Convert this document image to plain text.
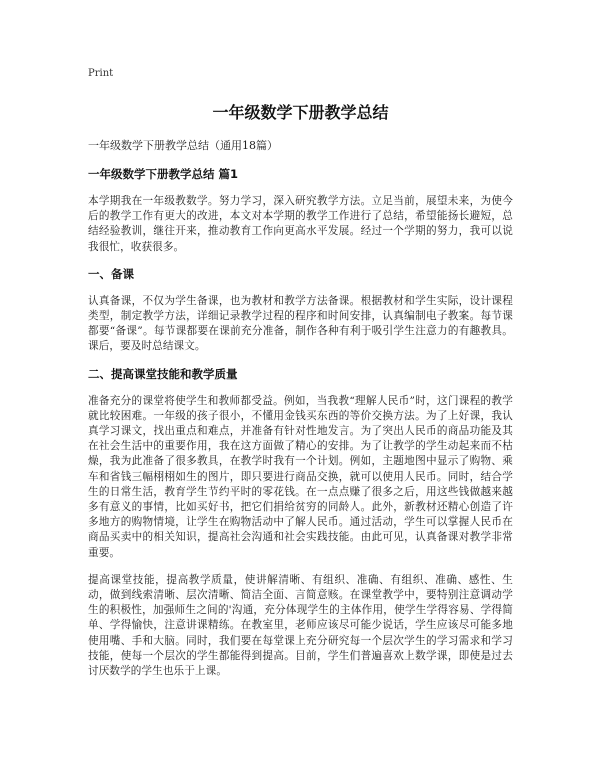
Print
一年级数学下册教学总结
一年级数学下册教学总结（通用18篇）
一年级数学下册教学总结 篇1

本学期我在一年级教数学。努力学习，深入研究教学方法。立足当前，展望未来，为使今后的教学工作有更大的改进，本文对本学期的教学工作进行了总结，希望能扬长避短，总结经验教训，继往开来，推动教育工作向更高水平发展。经过一个学期的努力，我可以说我很忙，收获很多。

一、备课

认真备课，不仅为学生备课，也为教材和教学方法备课。根据教材和学生实际，设计课程类型，制定教学方法，详细记录教学过程的程序和时间安排，认真编制电子教案。每节课都要“备课”。每节课都要在课前充分准备，制作各种有利于吸引学生注意力的有趣教具。课后，要及时总结课文。

二、提高课堂技能和教学质量

准备充分的课堂将使学生和教师都受益。例如，当我教“理解人民币”时，这门课程的教学就比较困难。一年级的孩子很小，不懂用金钱买东西的等价交换方法。为了上好课，我认真学习课文，找出重点和难点，并准备有针对性地发言。为了突出人民币的商品功能及其在社会生活中的重要作用，我在这方面做了精心的安排。为了让教学的学生动起来而不枯燥，我为此准备了很多教具，在教学时我有一个计划。例如，主题地图中显示了购物、乘车和省钱三幅栩栩如生的图片，即只要进行商品交换，就可以使用人民币。同时，结合学生的日常生活，教育学生节约平时的零花钱。在一点点赚了很多之后，用这些钱做越来越多有意义的事情，比如买好书，把它们捐给贫穷的同龄人。此外，新教材还精心创造了许多地方的购物情境，让学生在购物活动中了解人民币。通过活动，学生可以掌握人民币在商品买卖中的相关知识，提高社会沟通和社会实践技能。由此可见，认真备课对教学非常重要。

提高课堂技能，提高教学质量，使讲解清晰、有组织、准确、有组织、准确、感性、生动，做到线索清晰、层次清晰、简洁全面、言简意赅。在课堂教学中，要特别注意调动学生的积极性，加强师生之间的'沟通，充分体现学生的主体作用，使学生学得容易、学得简单、学得愉快，注意讲课精练。在教室里，老师应该尽可能少说话，学生应该尽可能多地使用嘴、手和大脑。同时，我们要在每堂课上充分研究每一个层次学生的学习需求和学习技能，使每一个层次的学生都能得到提高。目前，学生们普遍喜欢上数学课，即使是过去讨厌数学的学生也乐于上课。
